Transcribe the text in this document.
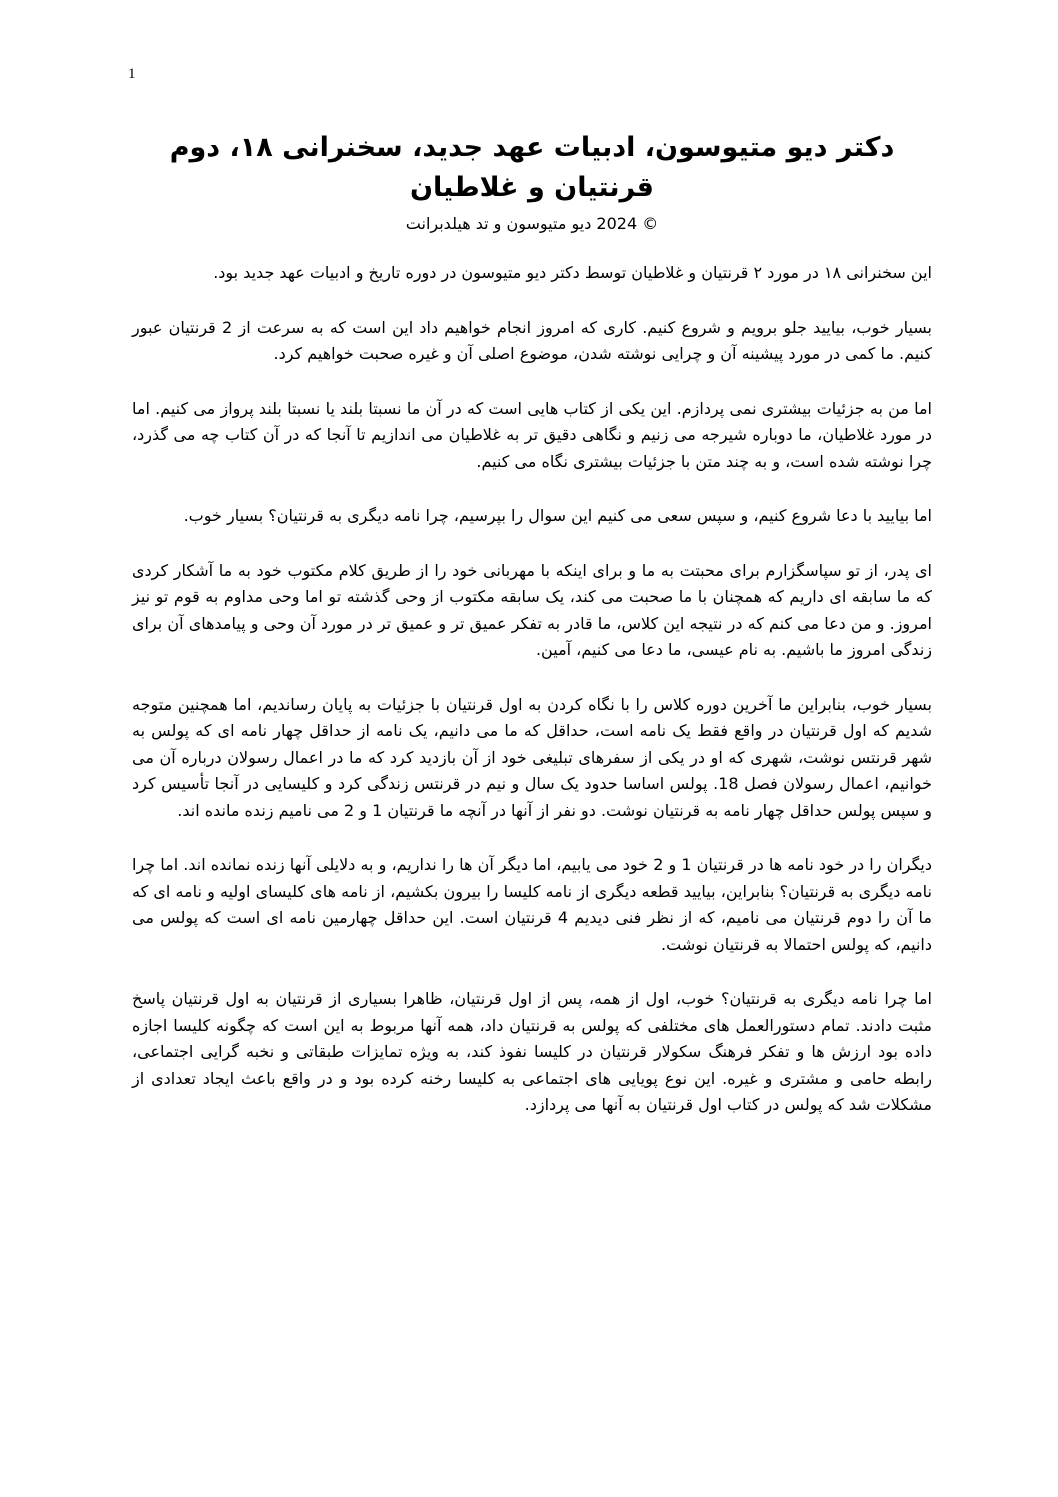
1
دکتر دیو متیوسون، ادبیات عهد جدید، سخنرانی ۱۸، دوم قرنتیان و غلاطیان
© 2024 دیو متیوسون و تد هیلدبرانت

این سخنرانی ۱۸ در مورد ۲ قرنتیان و غلاطیان توسط دکتر دیو متیوسون در دوره تاریخ و ادبیات عهد جدید بود.

بسیار خوب، بیایید جلو برویم و شروع کنیم. کاری که امروز انجام خواهیم داد این است که به سرعت از 2 قرنتیان عبور کنیم. ما کمی در مورد پیشینه آن و چرایی نوشته شدن، موضوع اصلی آن و غیره صحبت خواهیم کرد.

اما من به جزئیات بیشتری نمی پردازم. این یکی از کتاب هایی است که در آن ما نسبتا بلند یا نسبتا بلند پرواز می کنیم. اما در مورد غلاطیان، ما دوباره شیرجه می زنیم و نگاهی دقیق تر به غلاطیان می اندازیم تا آنجا که در آن کتاب چه می گذرد، چرا نوشته شده است، و به چند متن با جزئیات بیشتری نگاه می کنیم.

اما بیایید با دعا شروع کنیم، و سپس سعی می کنیم این سوال را بپرسیم، چرا نامه دیگری به قرنتیان؟ بسیار خوب.

ای پدر، از تو سپاسگزارم برای محبتت به ما و برای اینکه با مهربانی خود را از طریق کلام مکتوب خود به ما آشکار کردی که ما سابقه ای داریم که همچنان با ما صحبت می کند، یک سابقه مکتوب از وحی گذشته تو اما وحی مداوم به قوم تو نیز امروز. و من دعا می کنم که در نتیجه این کلاس، ما قادر به تفکر عمیق تر و عمیق تر در مورد آن وحی و پیامدهای آن برای زندگی امروز ما باشیم. به نام عیسی، ما دعا می کنیم، آمین.

بسیار خوب، بنابراین ما آخرین دوره کلاس را با نگاه کردن به اول قرنتیان با جزئیات به پایان رساندیم، اما همچنین متوجه شدیم که اول قرنتیان در واقع فقط یک نامه است، حداقل که ما می دانیم، یک نامه از حداقل چهار نامه ای که پولس به شهر قرنتس نوشت، شهری که او در یکی از سفرهای تبلیغی خود از آن بازدید کرد که ما در اعمال رسولان درباره آن می خوانیم، اعمال رسولان فصل 18. پولس اساسا حدود یک سال و نیم در قرنتس زندگی کرد و کلیسایی در آنجا تأسیس کرد و سپس پولس حداقل چهار نامه به قرنتیان نوشت. دو نفر از آنها در آنچه ما قرنتیان 1 و 2 می نامیم زنده مانده اند.

دیگران را در خود نامه ها در قرنتیان 1 و 2 خود می یابیم، اما دیگر آن ها را نداریم، و به دلایلی آنها زنده نمانده اند. اما چرا نامه دیگری به قرنتیان؟ بنابراین، بیایید قطعه دیگری از نامه کلیسا را بیرون بکشیم، از نامه های کلیسای اولیه و نامه ای که ما آن را دوم قرنتیان می نامیم، که از نظر فنی دیدیم 4 قرنتیان است. این حداقل چهارمین نامه ای است که پولس می دانیم، که پولس احتمالا به قرنتیان نوشت.

اما چرا نامه دیگری به قرنتیان؟ خوب، اول از همه، پس از اول قرنتیان، ظاهرا بسیاری از قرنتیان به اول قرنتیان پاسخ مثبت دادند. تمام دستورالعمل های مختلفی که پولس به قرنتیان داد، همه آنها مربوط به این است که چگونه کلیسا اجازه داده بود ارزش ها و تفکر فرهنگ سکولار قرنتیان در کلیسا نفوذ کند، به ویژه تمایزات طبقاتی و نخبه گرایی اجتماعی، رابطه حامی و مشتری و غیره. این نوع پویایی های اجتماعی به کلیسا رخنه کرده بود و در واقع باعث ایجاد تعدادی از مشکلات شد که پولس در کتاب اول قرنتیان به آنها می پردازد.
